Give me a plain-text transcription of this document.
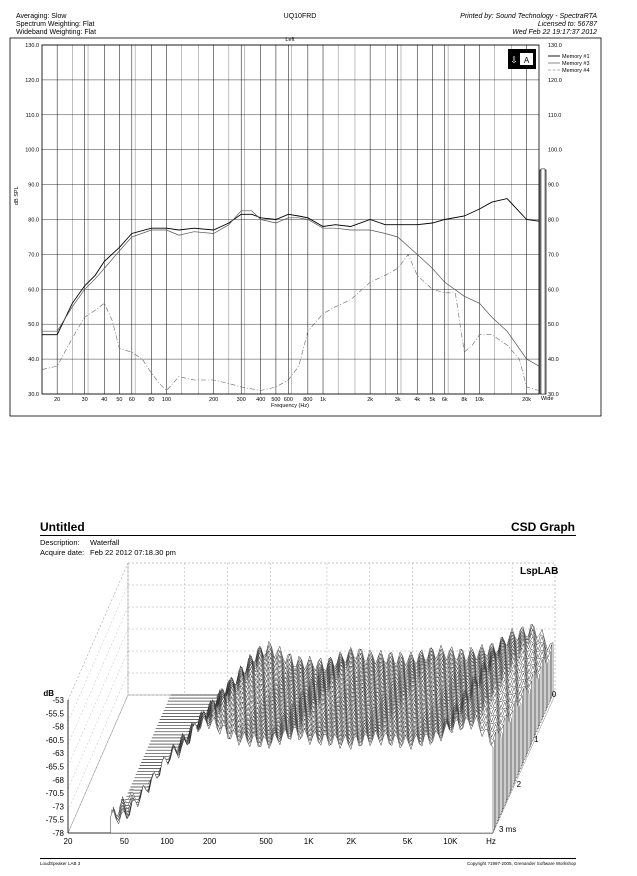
Averaging: Slow
Spectrum Weighting: Flat
Wideband Weighting: Flat
UQ10FRD	Printed by: Sound Technology - SpectraRTA
Licensed to: 56787
Wed Feb 22 19:17:37 2012
130.0	130.0
120.0	120.0
110.0	110.0
100.0	100.0
90.0	90.0
80.0	80.0
70.0	70.0
60.0	60.0
50.0	50.0
40.0	40.0
30.0	30.0
20	30 40 50 60 80 100	200	300 400 500 600 800 1k	2k	3k 4k 5k 6k 8k 10k	20k
Memory #1
Memory #3
Memory #4
⇩ A
Left
dB SPL
Frequency (Hz)
Wide
Untitled	CSD Graph
Description: Waterfall
Acquire date: Feb 22 2012 07:18.30 pm
dB
-53
-55.5
-58
-60.5
-63
-65.5
-68
-70.5
-73
-75.5
-78
20	50	100	200	500	1K	2K	5K	10K	Hz
0
1
2
3 ms
LspLAB
LoudSpeaker LAB 3	Copyright ?1997-2005, Grenander Software Workshop
